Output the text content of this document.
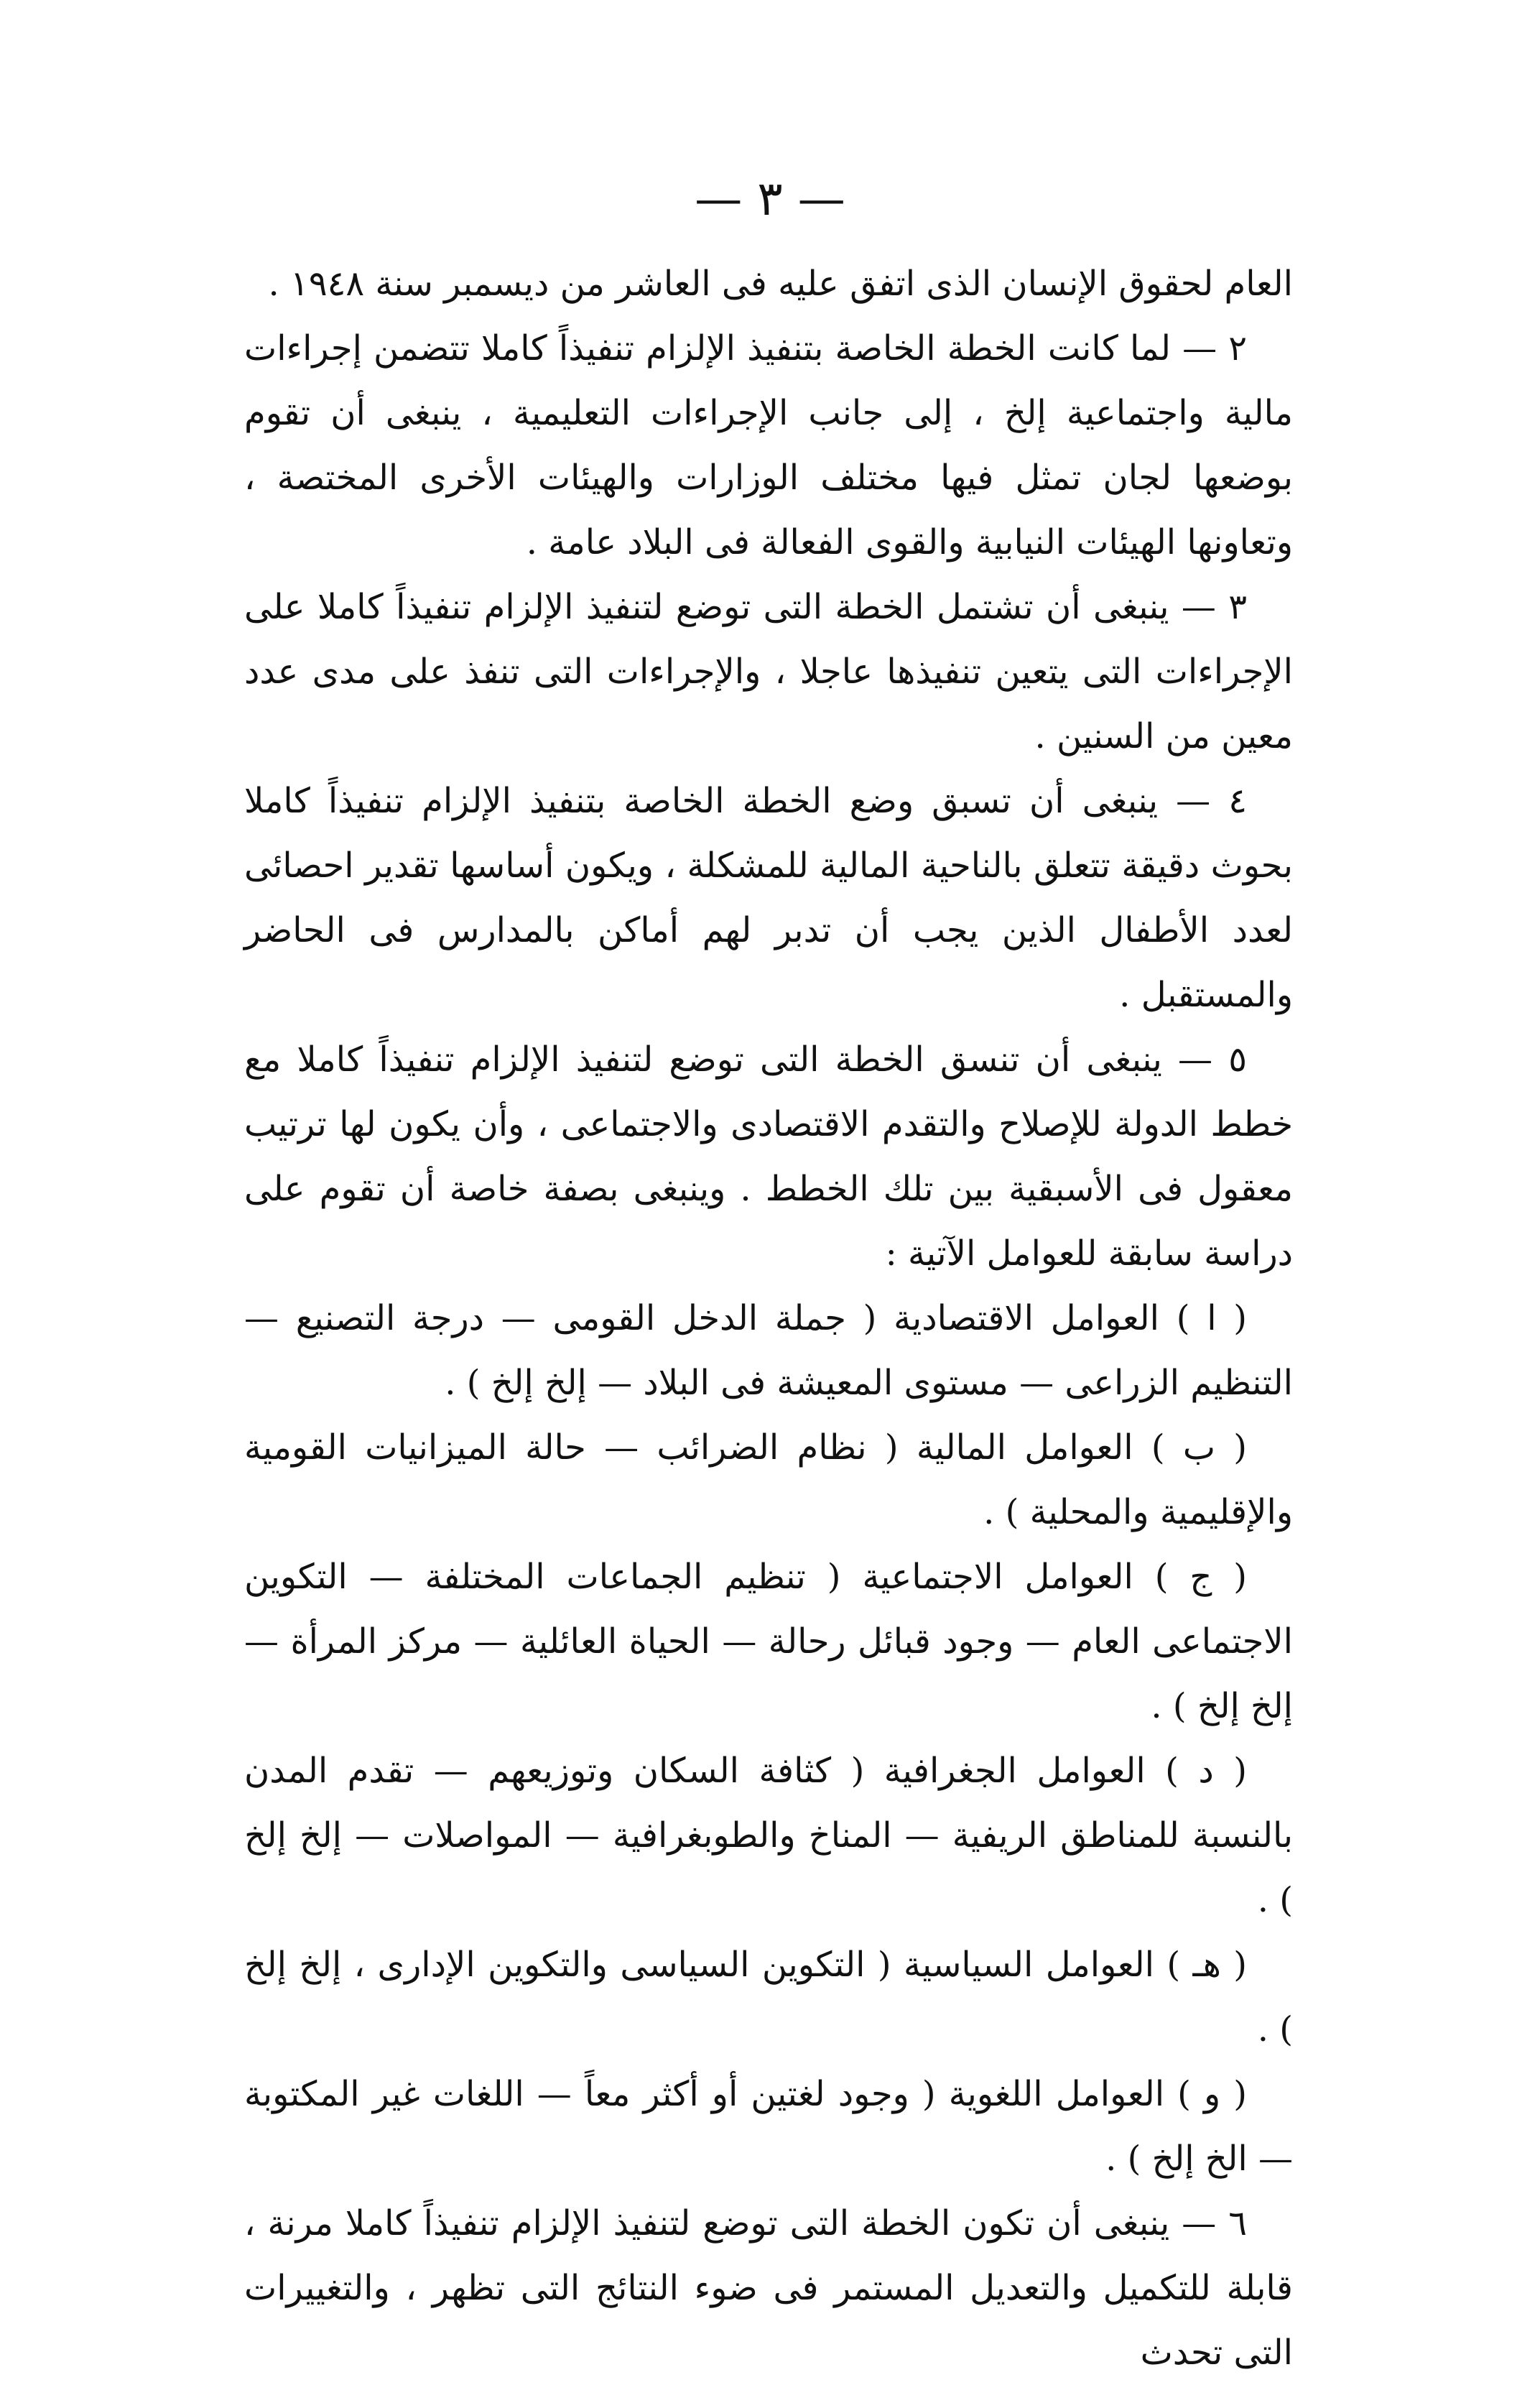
— ٣ —

العام لحقوق الإنسان الذى اتفق عليه فى العاشر من ديسمبر سنة ١٩٤٨ .

٢ — لما كانت الخطة الخاصة بتنفيذ الإلزام تنفيذاً كاملا تتضمن إجراءات مالية واجتماعية إلخ ، إلى جانب الإجراءات التعليمية ، ينبغى أن تقوم بوضعها لجان تمثل فيها مختلف الوزارات والهيئات الأخرى المختصة ، وتعاونها الهيئات النيابية والقوى الفعالة فى البلاد عامة .

٣ — ينبغى أن تشتمل الخطة التى توضع لتنفيذ الإلزام تنفيذاً كاملا على الإجراءات التى يتعين تنفيذها عاجلا ، والإجراءات التى تنفذ على مدى عدد معين من السنين .

٤ — ينبغى أن تسبق وضع الخطة الخاصة بتنفيذ الإلزام تنفيذاً كاملا بحوث دقيقة تتعلق بالناحية المالية للمشكلة ، ويكون أساسها تقدير احصائى لعدد الأطفال الذين يجب أن تدبر لهم أماكن بالمدارس فى الحاضر والمستقبل .

٥ — ينبغى أن تنسق الخطة التى توضع لتنفيذ الإلزام تنفيذاً كاملا مع خطط الدولة للإصلاح والتقدم الاقتصادى والاجتماعى ، وأن يكون لها ترتيب معقول فى الأسبقية بين تلك الخطط . وينبغى بصفة خاصة أن تقوم على دراسة سابقة للعوامل الآتية :

( ا ) العوامل الاقتصادية ( جملة الدخل القومى — درجة التصنيع — التنظيم الزراعى — مستوى المعيشة فى البلاد — إلخ إلخ ) .

( ب ) العوامل المالية ( نظام الضرائب — حالة الميزانيات القومية والإقليمية والمحلية ) .

( ج ) العوامل الاجتماعية ( تنظيم الجماعات المختلفة — التكوين الاجتماعى العام — وجود قبائل رحالة — الحياة العائلية — مركز المرأة — إلخ إلخ ) .

( د ) العوامل الجغرافية ( كثافة السكان وتوزيعهم — تقدم المدن بالنسبة للمناطق الريفية — المناخ والطوبغرافية — المواصلات — إلخ إلخ ) .

( هـ ) العوامل السياسية ( التكوين السياسى والتكوين الإدارى ، إلخ إلخ ) .

( و ) العوامل اللغوية ( وجود لغتين أو أكثر معاً — اللغات غير المكتوبة — الخ إلخ ) .

٦ — ينبغى أن تكون الخطة التى توضع لتنفيذ الإلزام تنفيذاً كاملا مرنة ، قابلة للتكميل والتعديل المستمر فى ضوء النتائج التى تظهر ، والتغييرات التى تحدث
